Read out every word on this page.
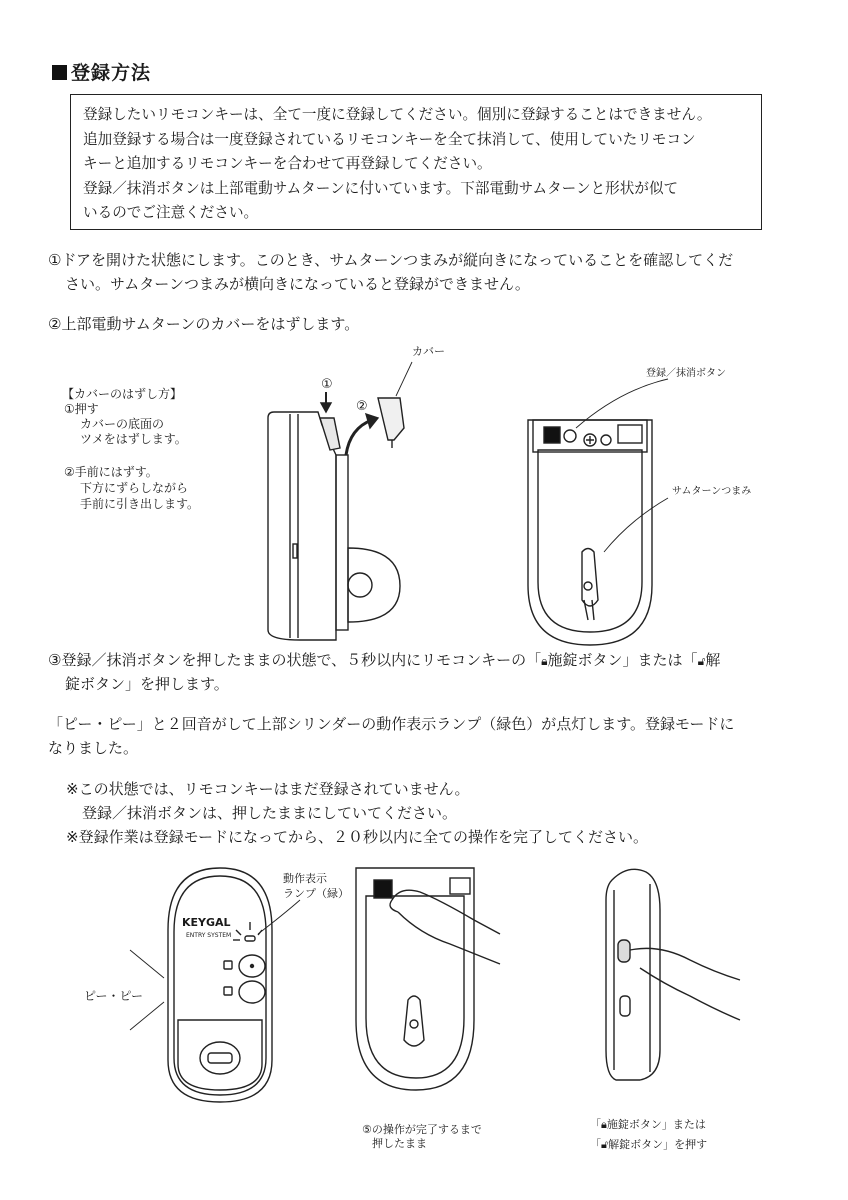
登録方法

登録したいリモコンキーは、全て一度に登録してください。個別に登録することはできません。

追加登録する場合は一度登録されているリモコンキーを全て抹消して、使用していたリモコン

キーと追加するリモコンキーを合わせて再登録してください。

登録／抹消ボタンは上部電動サムターンに付いています。下部電動サムターンと形状が似て

いるのでご注意ください。

①ドアを開けた状態にします。このとき、サムターンつまみが縦向きになっていることを確認してくだ
さい。サムターンつまみが横向きになっていると登録ができません。
②上部電動サムターンのカバーをはずします。
【カバーのはずし方】
①押す
カバーの底面の
ツメをはずします。
②手前にはずす。
下方にずらしながら
手前に引き出します。
①
②
カバー
登録／抹消ボタン
サムターンつまみ
③登録／抹消ボタンを押したままの状態で、５秒以内にリモコンキーの「🔒︎施錠ボタン」または「🔓︎解
錠ボタン」を押します。
「ピー・ピー」と２回音がして上部シリンダーの動作表示ランプ（緑色）が点灯します。登録モードに
なりました。
※この状態では、リモコンキーはまだ登録されていません。
登録／抹消ボタンは、押したままにしていてください。
※登録作業は登録モードになってから、２０秒以内に全ての操作を完了してください。
ピー・ピー
動作表示
ランプ（緑）
KEYGAL
ENTRY SYSTEM
⑤の操作が完了するまで
押したまま
「🔒︎施錠ボタン」または
「🔓︎解錠ボタン」を押す
